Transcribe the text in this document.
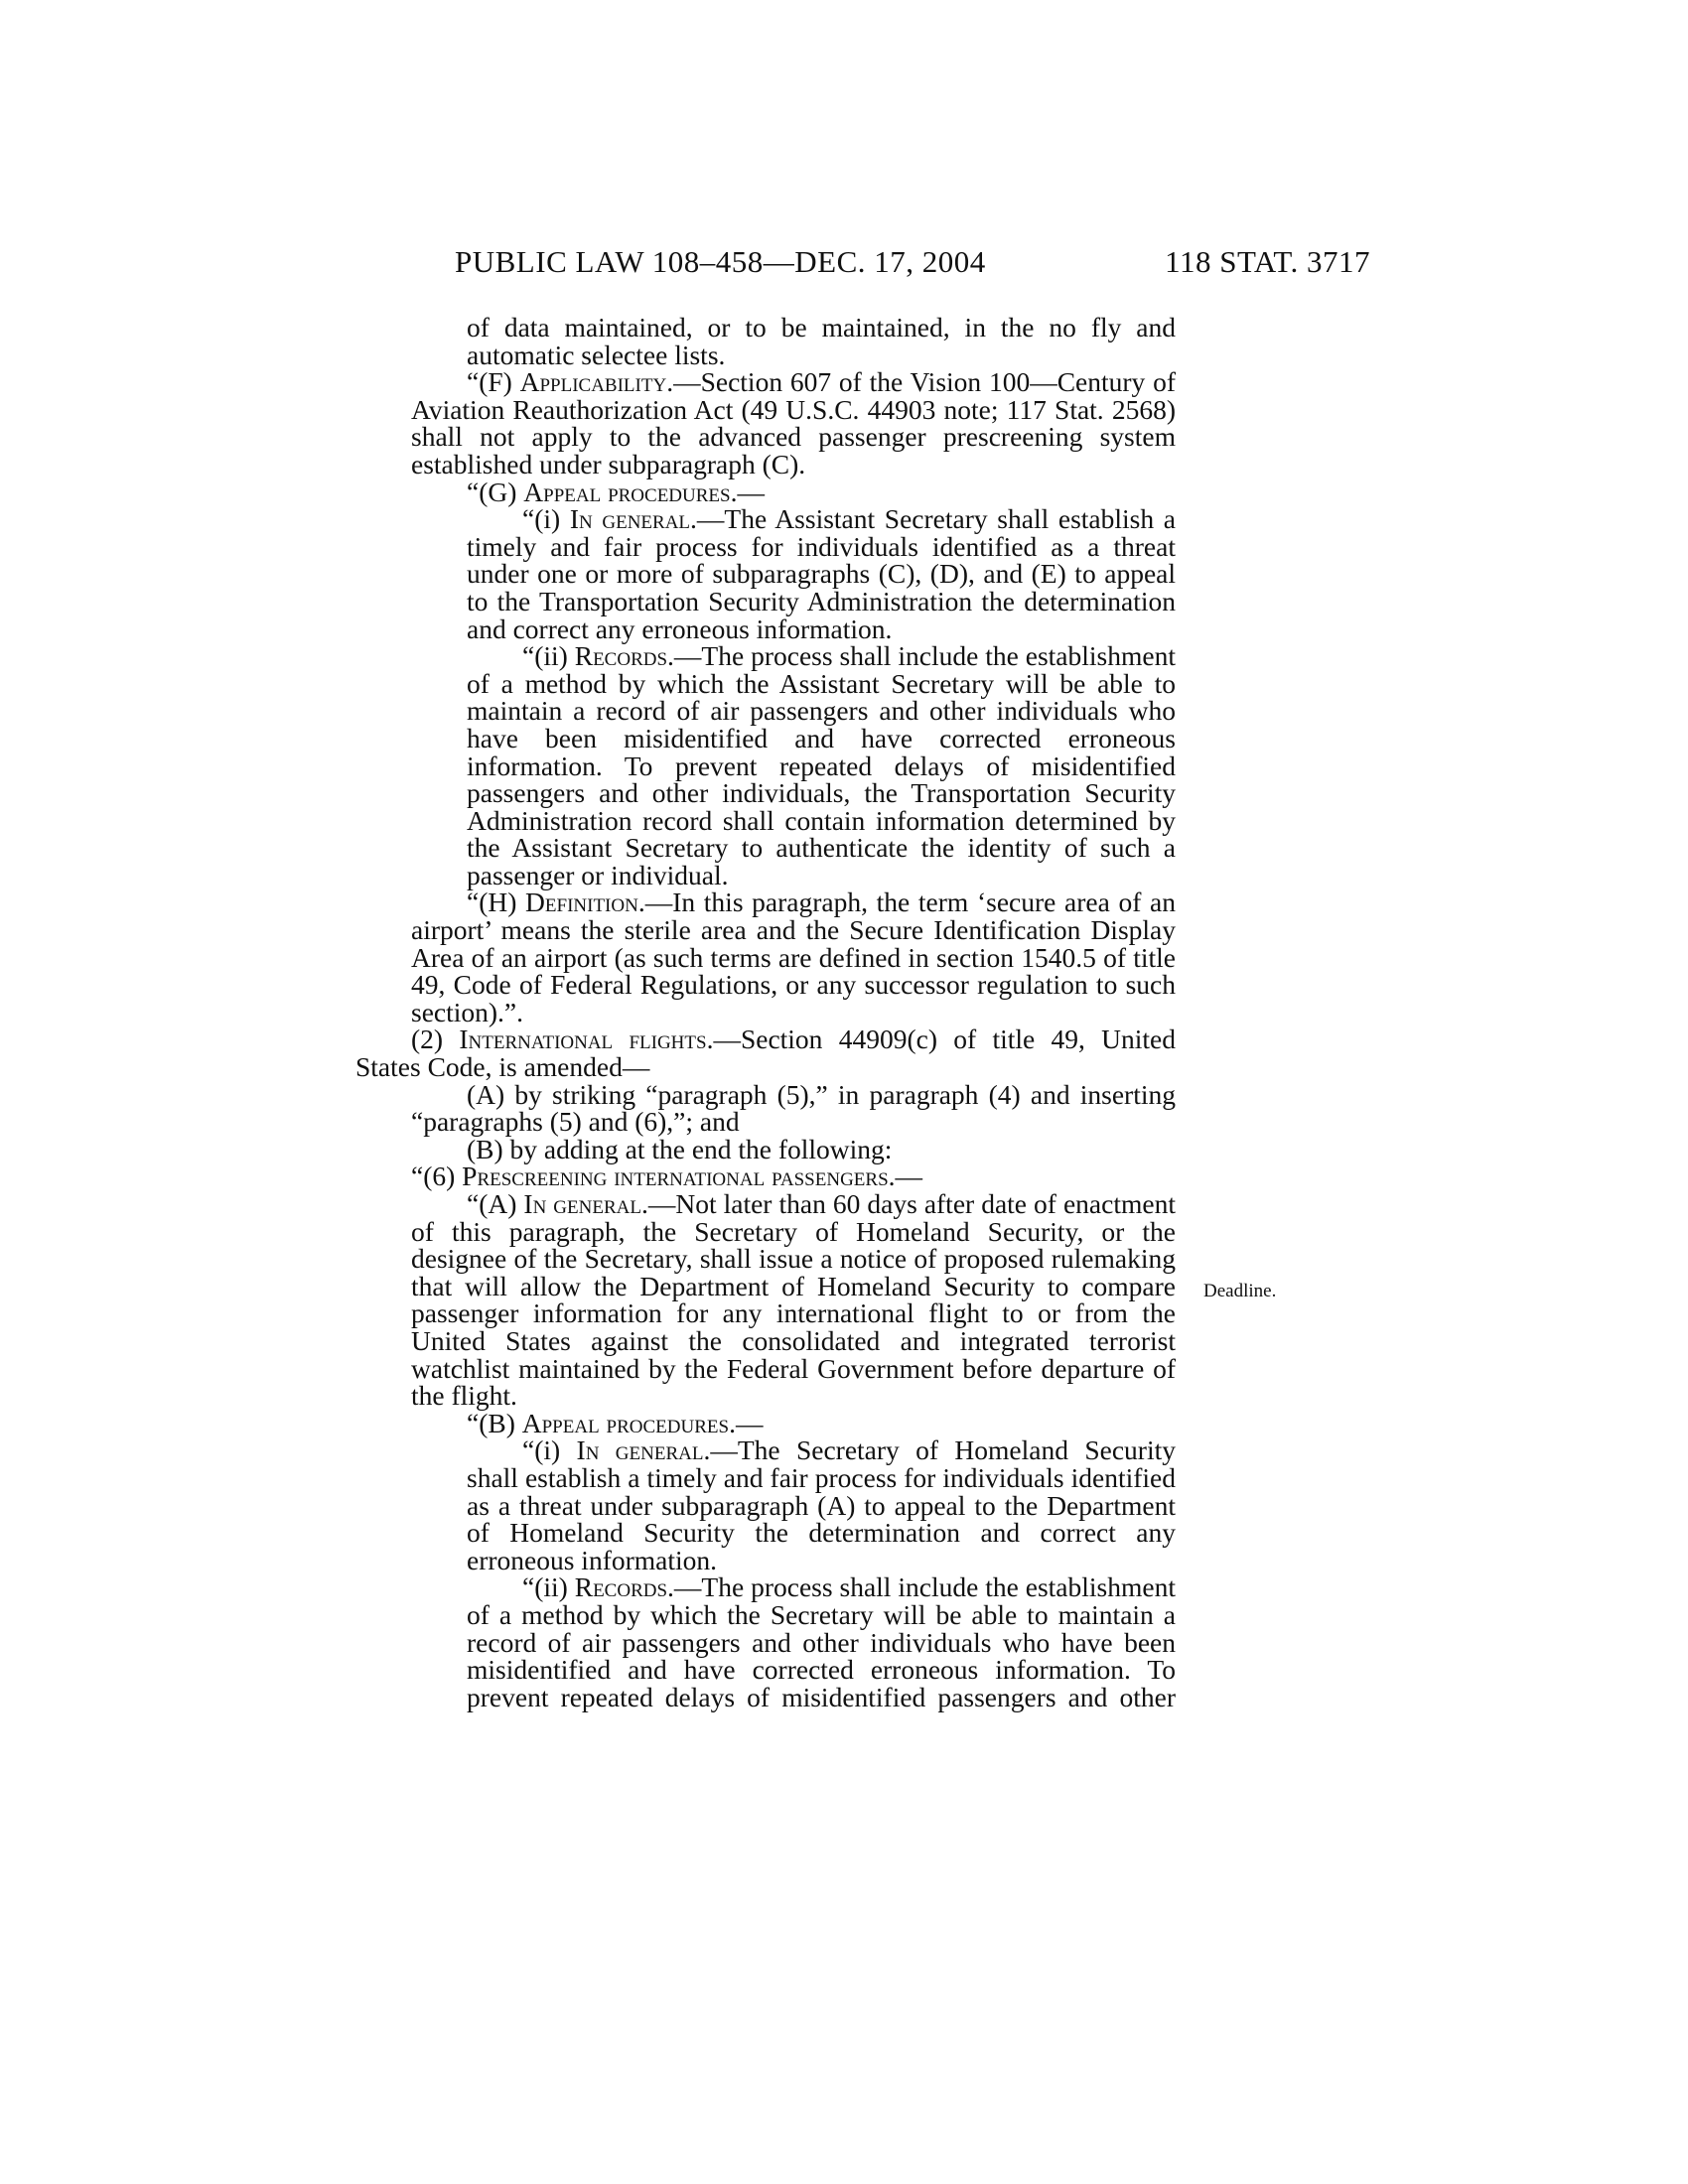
PUBLIC LAW 108–458—DEC. 17, 2004	118 STAT. 3717
Deadline.

of data maintained, or to be maintained, in the no fly and automatic selectee lists.

“(F) Applicability.—Section 607 of the Vision 100—Century of Aviation Reauthorization Act (49 U.S.C. 44903 note; 117 Stat. 2568) shall not apply to the advanced passenger prescreening system established under subparagraph (C).

“(G) Appeal procedures.—

“(i) In general.—The Assistant Secretary shall establish a timely and fair process for individuals identified as a threat under one or more of subparagraphs (C), (D), and (E) to appeal to the Transportation Security Administration the determination and correct any erroneous information.

“(ii) Records.—The process shall include the establishment of a method by which the Assistant Secretary will be able to maintain a record of air passengers and other individuals who have been misidentified and have corrected erroneous information. To prevent repeated delays of misidentified passengers and other individuals, the Transportation Security Administration record shall contain information determined by the Assistant Secretary to authenticate the identity of such a passenger or individual.

“(H) Definition.—In this paragraph, the term ‘secure area of an airport’ means the sterile area and the Secure Identification Display Area of an airport (as such terms are defined in section 1540.5 of title 49, Code of Federal Regulations, or any successor regulation to such section).”.

(2) International flights.—Section 44909(c) of title 49, United States Code, is amended—

(A) by striking “paragraph (5),” in paragraph (4) and inserting “paragraphs (5) and (6),”; and

(B) by adding at the end the following:

“(6) Prescreening international passengers.—

“(A) In general.—Not later than 60 days after date of enactment of this paragraph, the Secretary of Homeland Security, or the designee of the Secretary, shall issue a notice of proposed rulemaking that will allow the Department of Homeland Security to compare passenger information for any international flight to or from the United States against the consolidated and integrated terrorist watchlist maintained by the Federal Government before departure of the flight.

“(B) Appeal procedures.—

“(i) In general.—The Secretary of Homeland Security shall establish a timely and fair process for individuals identified as a threat under subparagraph (A) to appeal to the Department of Homeland Security the determination and correct any erroneous information.

“(ii) Records.—The process shall include the establishment of a method by which the Secretary will be able to maintain a record of air passengers and other individuals who have been misidentified and have corrected erroneous information. To prevent repeated delays of misidentified passengers and other
